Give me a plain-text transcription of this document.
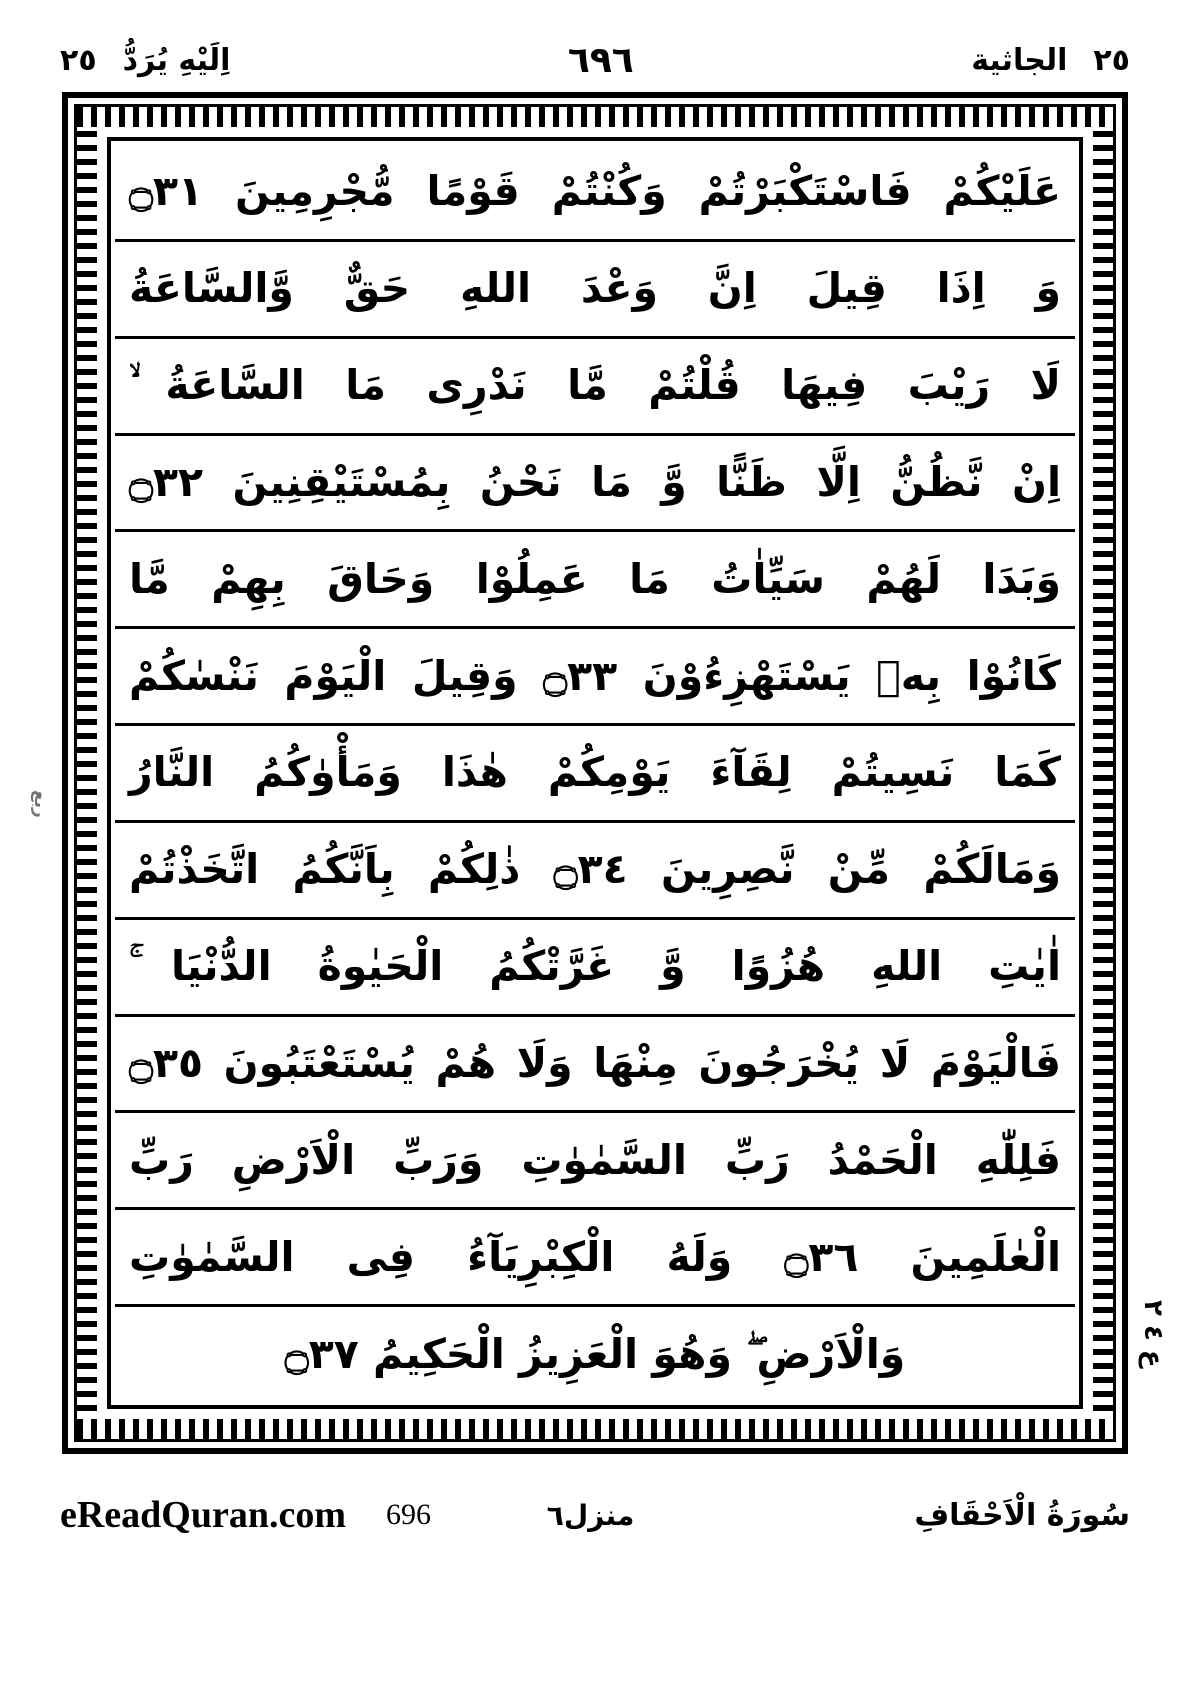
٢٥
الجاثية
٦٩٦
اِلَيْهِ يُرَدُّ
٢٥
عَلَيْكُمْ فَاسْتَكْبَرْتُمْ وَكُنْتُمْ قَوْمًا مُّجْرِمِينَ ۝٣١
وَ اِذَا قِيلَ اِنَّ وَعْدَ اللهِ حَقٌّ وَّالسَّاعَةُ
لَا رَيْبَ فِيهَا قُلْتُمْ مَّا نَدْرِى مَا السَّاعَةُ ۙ
اِنْ نَّظُنُّ اِلَّا ظَنًّا وَّ مَا نَحْنُ بِمُسْتَيْقِنِينَ ۝٣٢
وَبَدَا لَهُمْ سَيِّاٰتُ مَا عَمِلُوْا وَحَاقَ بِهِمْ مَّا
كَانُوْا بِهٖ يَسْتَهْزِءُوْنَ ۝٣٣ وَقِيلَ الْيَوْمَ نَنْسٰكُمْ
كَمَا نَسِيتُمْ لِقَآءَ يَوْمِكُمْ هٰذَا وَمَأْوٰكُمُ النَّارُ
وَمَالَكُمْ مِّنْ نَّصِرِينَ ۝٣٤ ذٰلِكُمْ بِاَنَّكُمُ اتَّخَذْتُمْ
اٰيٰتِ اللهِ هُزُوًا وَّ غَرَّتْكُمُ الْحَيٰوةُ الدُّنْيَا ۚ
فَالْيَوْمَ لَا يُخْرَجُونَ مِنْهَا وَلَا هُمْ يُسْتَعْتَبُونَ ۝٣٥
فَلِلّٰهِ الْحَمْدُ رَبِّ السَّمٰوٰتِ وَرَبِّ الْاَرْضِ رَبِّ
الْعٰلَمِينَ ۝٣٦ وَلَهُ الْكِبْرِيَآءُ فِى السَّمٰوٰتِ
وَالْاَرْضِ ۖ وَهُوَ الْعَزِيزُ الْحَكِيمُ ۝٣٧
ربع
ع ٤ ٢
سُورَةُ الْاَحْقَافِ
منزل٦
eReadQuran.com 696
